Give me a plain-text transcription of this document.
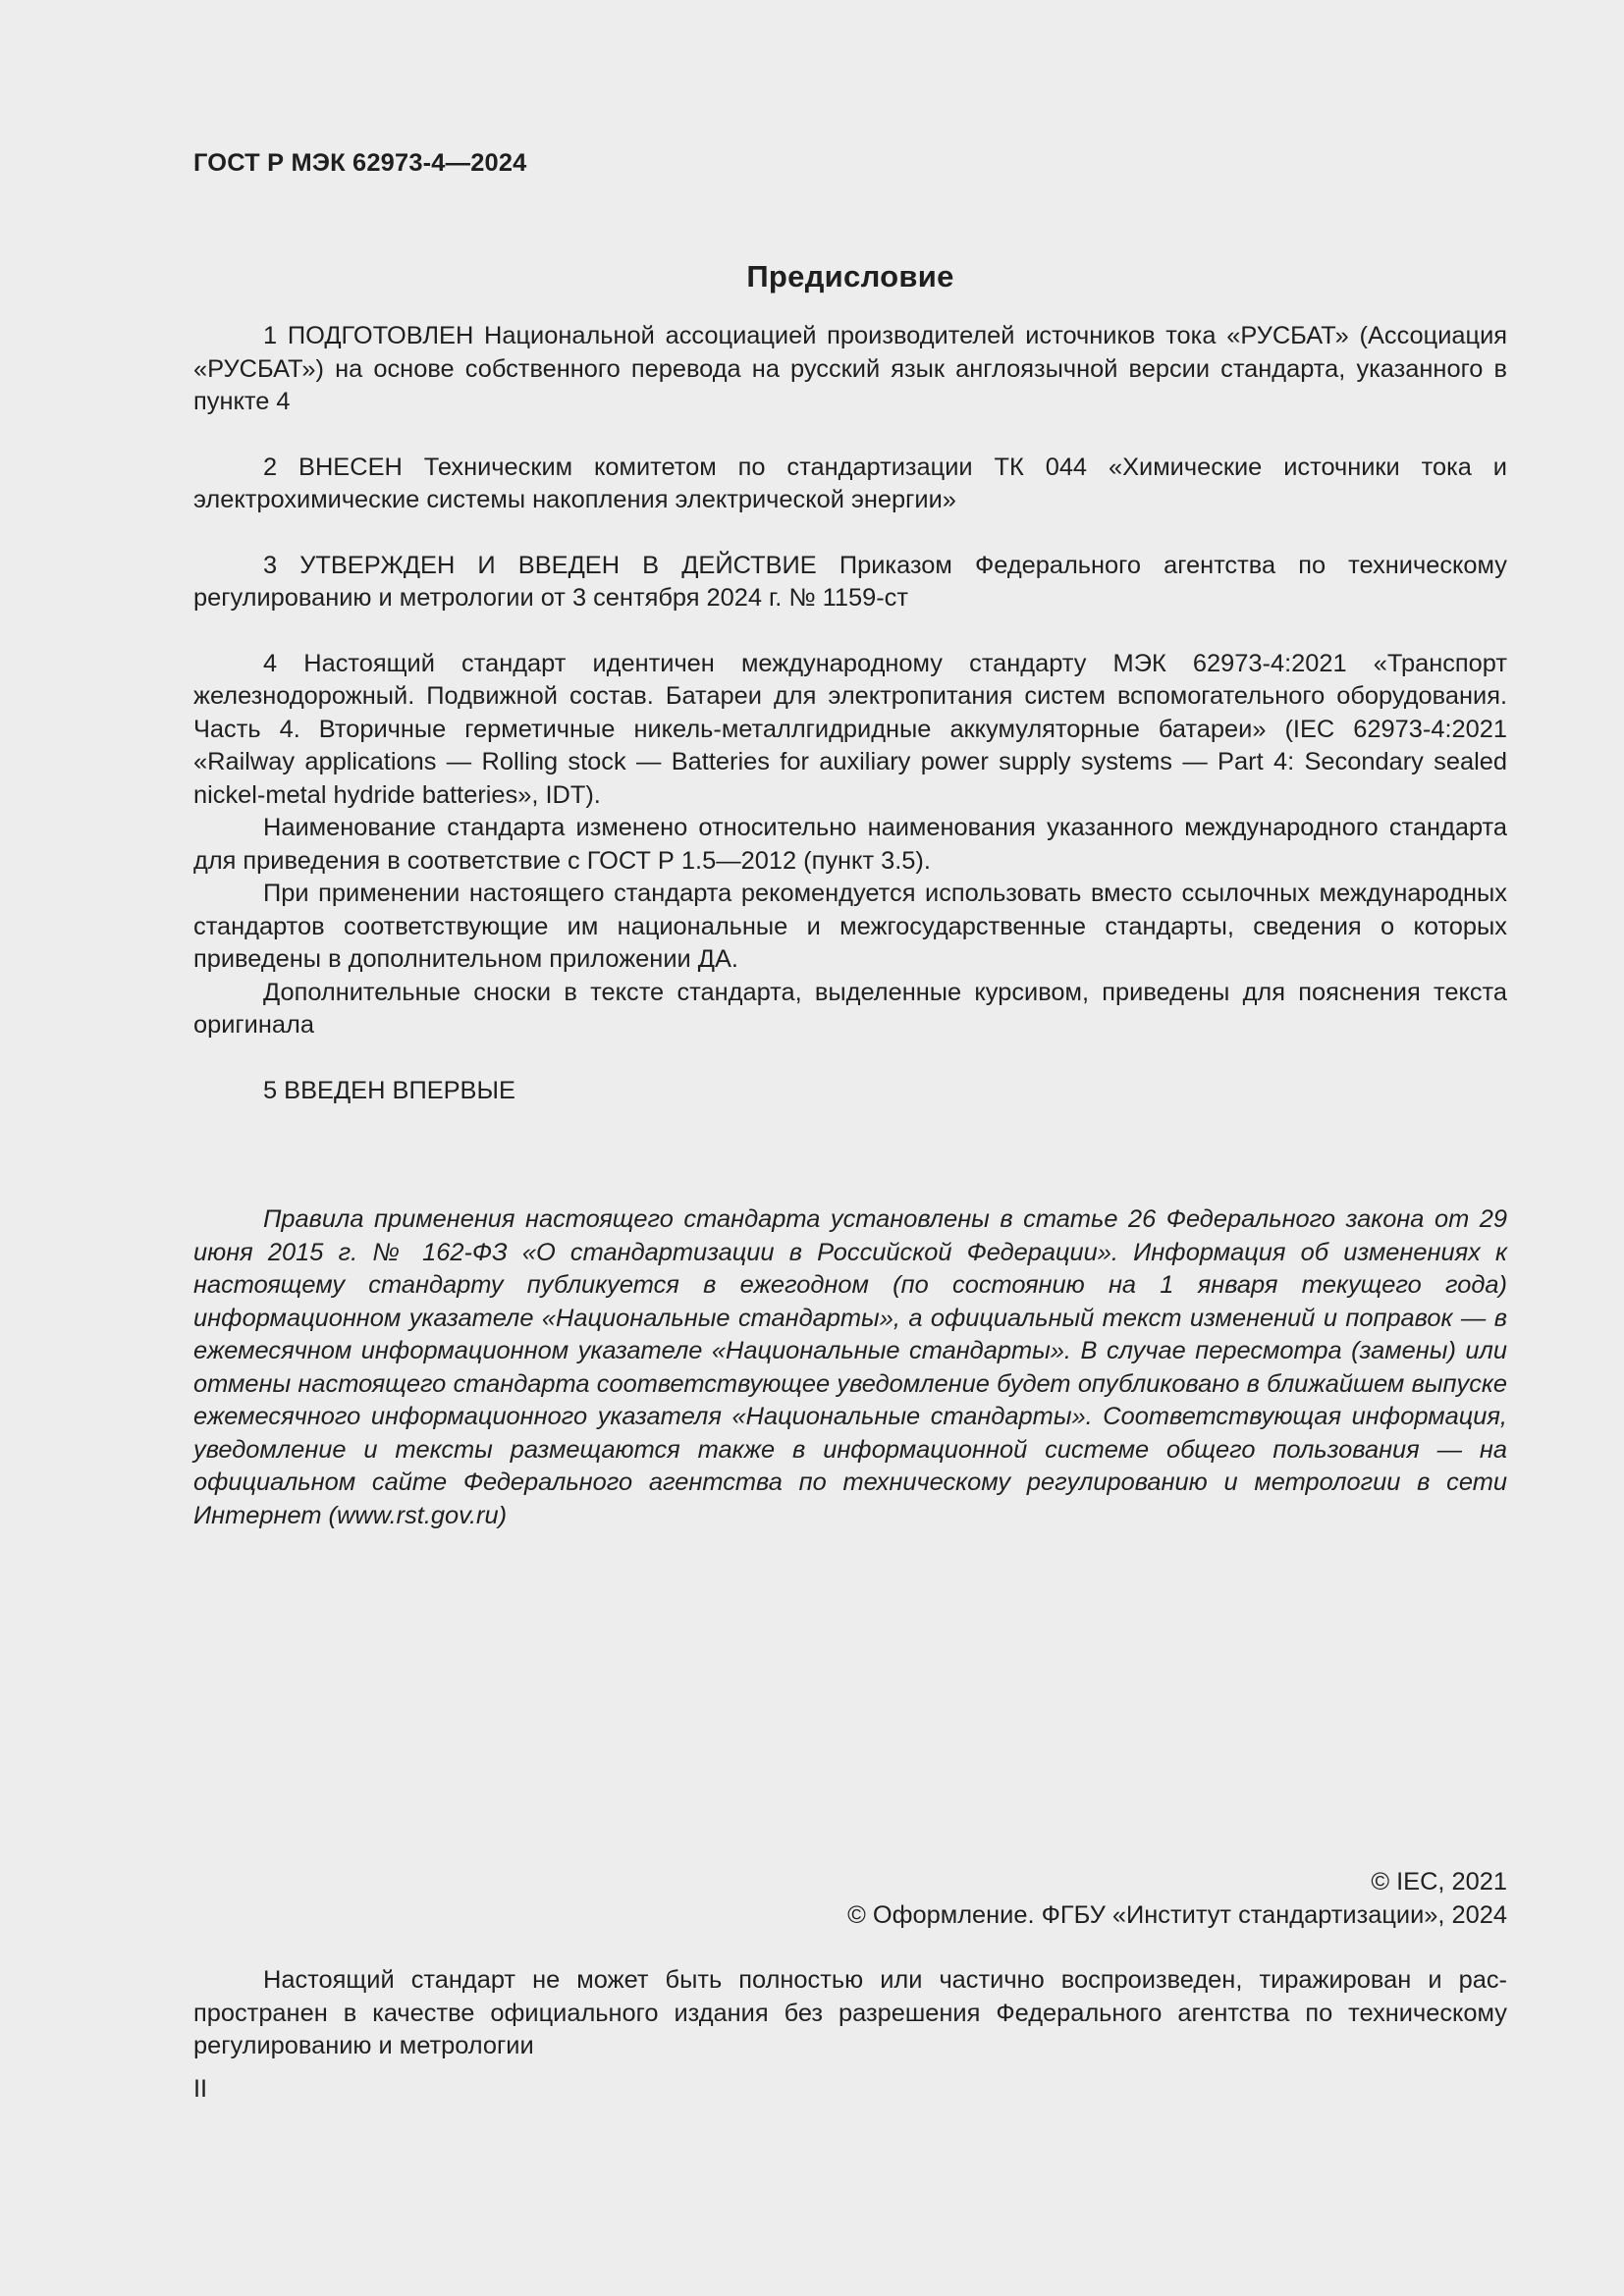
ГОСТ Р МЭК 62973-4—2024
Предисловие

1 ПОДГОТОВЛЕН Национальной ассоциацией производителей источников тока «РУСБАТ» (Ассоциация «РУСБАТ») на основе собственного перевода на русский язык англоязычной версии стандарта, указанного в пункте 4

2 ВНЕСЕН Техническим комитетом по стандартизации ТК 044 «Химические источники тока и электрохимические системы накопления электрической энергии»

3 УТВЕРЖДЕН И ВВЕДЕН В ДЕЙСТВИЕ Приказом Федерального агентства по техническому регулированию и метрологии от 3 сентября 2024 г. № 1159-ст

4 Настоящий стандарт идентичен международному стандарту МЭК 62973-4:2021 «Транспорт железнодорожный. Подвижной состав. Батареи для электропитания систем вспомогательного оборудования. Часть 4. Вторичные герметичные никель-металлгидридные аккумуляторные батареи» (IEC 62973-4:2021 «Railway applications — Rolling stock — Batteries for auxiliary power supply systems — Part 4: Secondary sealed nickel-metal hydride batteries», IDT).

Наименование стандарта изменено относительно наименования указанного международного стандарта для приведения в соответствие с ГОСТ Р 1.5—2012 (пункт 3.5).

При применении настоящего стандарта рекомендуется использовать вместо ссылочных международных стандартов соответствующие им национальные и межгосударственные стандарты, сведения о которых приведены в дополнительном приложении ДА.

Дополнительные сноски в тексте стандарта, выделенные курсивом, приведены для пояснения текста оригинала

5 ВВЕДЕН ВПЕРВЫЕ

Правила применения настоящего стандарта установлены в статье 26 Федерального закона от 29 июня 2015 г. № 162-ФЗ «О стандартизации в Российской Федерации». Информация об изменениях к настоящему стандарту публикуется в ежегодном (по состоянию на 1 января текущего года) информационном указателе «Национальные стандарты», а официальный текст изменений и поправок — в ежемесячном информационном указателе «Национальные стандарты». В случае пересмотра (замены) или отмены настоящего стандарта соответствующее уведомление будет опубликовано в ближайшем выпуске ежемесячного информационного указателя «Национальные стандарты». Соответствующая информация, уведомление и тексты размещаются также в информационной системе общего пользования — на официальном сайте Федерального агентства по техническому регулированию и метрологии в сети Интернет (www.rst.gov.ru)

© IEC, 2021
© Оформление. ФГБУ «Институт стандартизации», 2024

Настоящий стандарт не может быть полностью или частично воспроизведен, тиражирован и распространен в качестве официального издания без разрешения Федерального агентства по техническому регулированию и метрологии

II
